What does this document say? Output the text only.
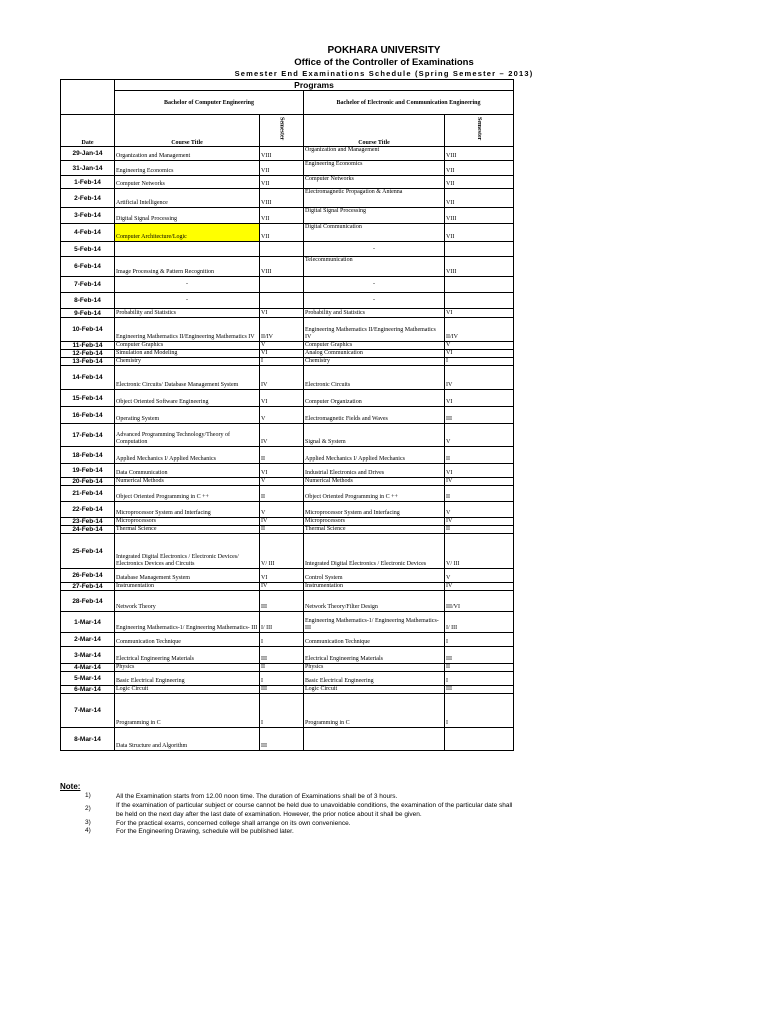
POKHARA UNIVERSITY
Office of the Controller of Examinations
Semester End Examinations Schedule (Spring Semester – 2013)
	Programs			
	Bachelor of Computer Engineering		Bachelor of Electronic and Communication Engineering	

Date	Course Title	Semester	Course Title	Semester

29-Jan-14	Organization and Management	VIII	Organization and Management	VIII
31-Jan-14	Engineering Economics	VII	Engineering Economics	VII
1-Feb-14	Computer Networks	VII	Computer Networks	VII
2-Feb-14	Artificial Intelligence	VIII	Electromagnetic Propagation & Antenna	VII
3-Feb-14	Digital Signal Processing	VII	Digital Signal Processing	VIII
4-Feb-14	Computer Architecture/Logic	VII	Digital Communication	VII
5-Feb-14			-	
6-Feb-14	Image Processing & Pattern Recognition	VIII	Telecommunication	VIII
7-Feb-14	-		-	
8-Feb-14	-		-	
9-Feb-14	Probability and Statistics	VI	Probability and Statistics	VI
10-Feb-14	Engineering Mathematics II/Engineering Mathematics IV	II/IV	Engineering Mathematics II/Engineering Mathematics IV	II/IV
11-Feb-14	Computer Graphics	V	Computer Graphics	V
12-Feb-14	Simulation and Modeling	VI	Analog Communication	VI
13-Feb-14	Chemistry	I	Chemistry	I
14-Feb-14	Electronic Circuits/ Database Management System	IV	Electronic Circuits	IV
15-Feb-14	Object Oriented Software Engineering	VI	Computer Organization	VI
16-Feb-14	Operating System	V	Electromagnetic Fields and Waves	III
17-Feb-14	Advanced Programming Technology/Theory of Computation	IV	Signal & System	V
18-Feb-14	Applied Mechanics I/ Applied Mechanics	II	Applied Mechanics I/ Applied Mechanics	II
19-Feb-14	Data Communication	VI	Industrial Electronics and Drives	VI
20-Feb-14	Numerical Methods	V	Numerical Methods	IV
21-Feb-14	Object Oriented Programming in C ++	II	Object Oriented Programming in C ++	II
22-Feb-14	Microprocessor System and Interfacing	V	Microprocessor System and Interfacing	V
23-Feb-14	Microprocessors	IV	Microprocessors	IV
24-Feb-14	Thermal Science	II	Thermal Science	II
25-Feb-14	Integrated Digital Electronics / Electronic Devices/ Electronics Devices and Circuits	V/ III	Integrated Digital Electronics / Electronic Devices	V/ III
26-Feb-14	Database Management System	VI	Control System	V
27-Feb-14	Instrumentation	IV	Instrumentation	IV
28-Feb-14	Network Theory	III	Network Theory/Filter Design	III/VI
1-Mar-14	Engineering Mathematics-1/ Engineering Mathematics- III	I/ III	Engineering Mathematics-1/ Engineering Mathematics- III	I/ III
2-Mar-14	Communication Technique	I	Communication Technique	I
3-Mar-14	Electrical Engineering Materials	III	Electrical Engineering Materials	III
4-Mar-14	Physics	II	Physics	II
5-Mar-14	Basic Electrical Engineering	I	Basic Electrical Engineering	I
6-Mar-14	Logic Circuit	III	Logic Circuit	III
7-Mar-14	Programming in C	I	Programming in C	I
8-Mar-14	Data Structure and Algorithm	III		
Note:
1)	All the Examination starts from 12.00 noon time. The duration of Examinations shall be of 3 hours.
2)	If the examination of particular subject or course cannot be held due to unavoidable conditions, the examination of the particular date shall be held on the next day after the last date of examination. However, the prior notice about it shall be given.
3)	For the practical exams, concerned college shall arrange on its own convenience.
4)	For the Engineering Drawing, schedule will be published later.
